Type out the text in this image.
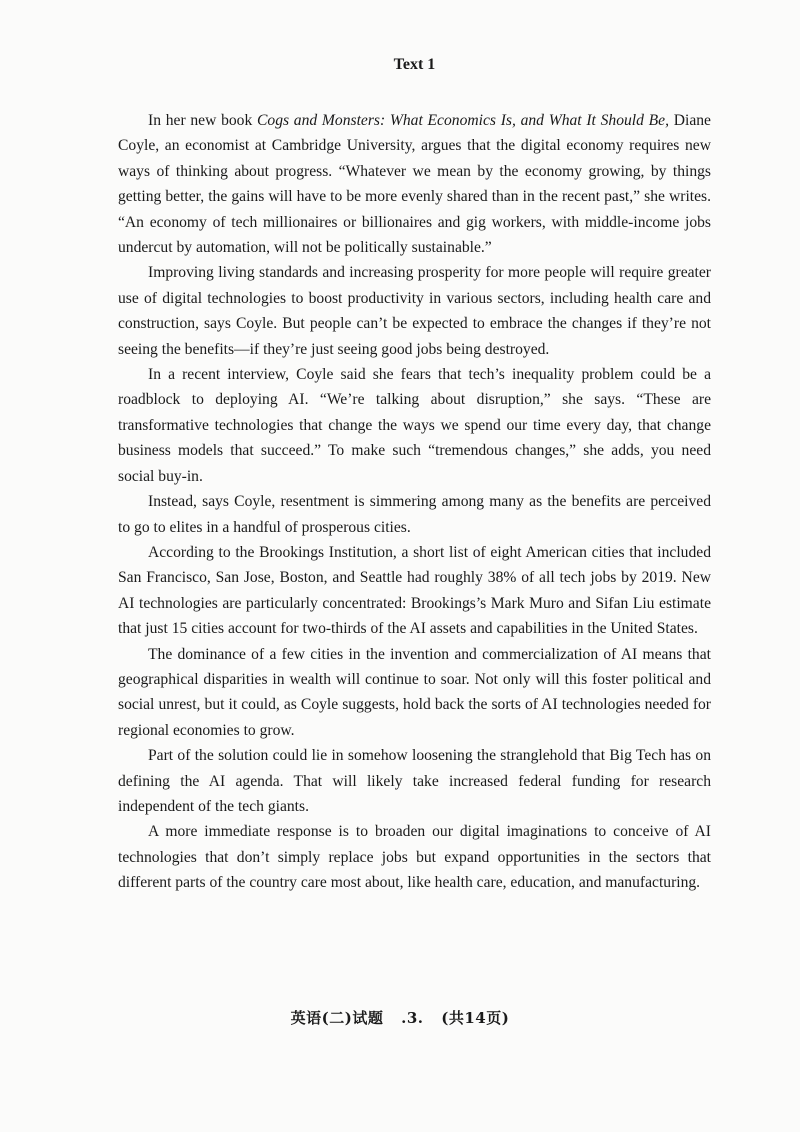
Text 1

In her new book Cogs and Monsters: What Economics Is, and What It Should Be, Diane Coyle, an economist at Cambridge University, argues that the digital economy requires new ways of thinking about progress. “Whatever we mean by the economy growing, by things getting better, the gains will have to be more evenly shared than in the recent past,” she writes. “An economy of tech millionaires or billionaires and gig workers, with middle-income jobs undercut by automation, will not be politically sustainable.”

Improving living standards and increasing prosperity for more people will require greater use of digital technologies to boost productivity in various sectors, including health care and construction, says Coyle. But people can’t be expected to embrace the changes if they’re not seeing the benefits—if they’re just seeing good jobs being destroyed.

In a recent interview, Coyle said she fears that tech’s inequality problem could be a roadblock to deploying AI. “We’re talking about disruption,” she says. “These are transformative technologies that change the ways we spend our time every day, that change business models that succeed.” To make such “tremendous changes,” she adds, you need social buy-in.

Instead, says Coyle, resentment is simmering among many as the benefits are perceived to go to elites in a handful of prosperous cities.

According to the Brookings Institution, a short list of eight American cities that included San Francisco, San Jose, Boston, and Seattle had roughly 38% of all tech jobs by 2019. New AI technologies are particularly concentrated: Brookings’s Mark Muro and Sifan Liu estimate that just 15 cities account for two-thirds of the AI assets and capabilities in the United States.

The dominance of a few cities in the invention and commercialization of AI means that geographical disparities in wealth will continue to soar. Not only will this foster political and social unrest, but it could, as Coyle suggests, hold back the sorts of AI technologies needed for regional economies to grow.

Part of the solution could lie in somehow loosening the stranglehold that Big Tech has on defining the AI agenda. That will likely take increased federal funding for research independent of the tech giants.

A more immediate response is to broaden our digital imaginations to conceive of AI technologies that don’t simply replace jobs but expand opportunities in the sectors that different parts of the country care most about, like health care, education, and manufacturing.

英语(二)试题 .3. (共14页)
